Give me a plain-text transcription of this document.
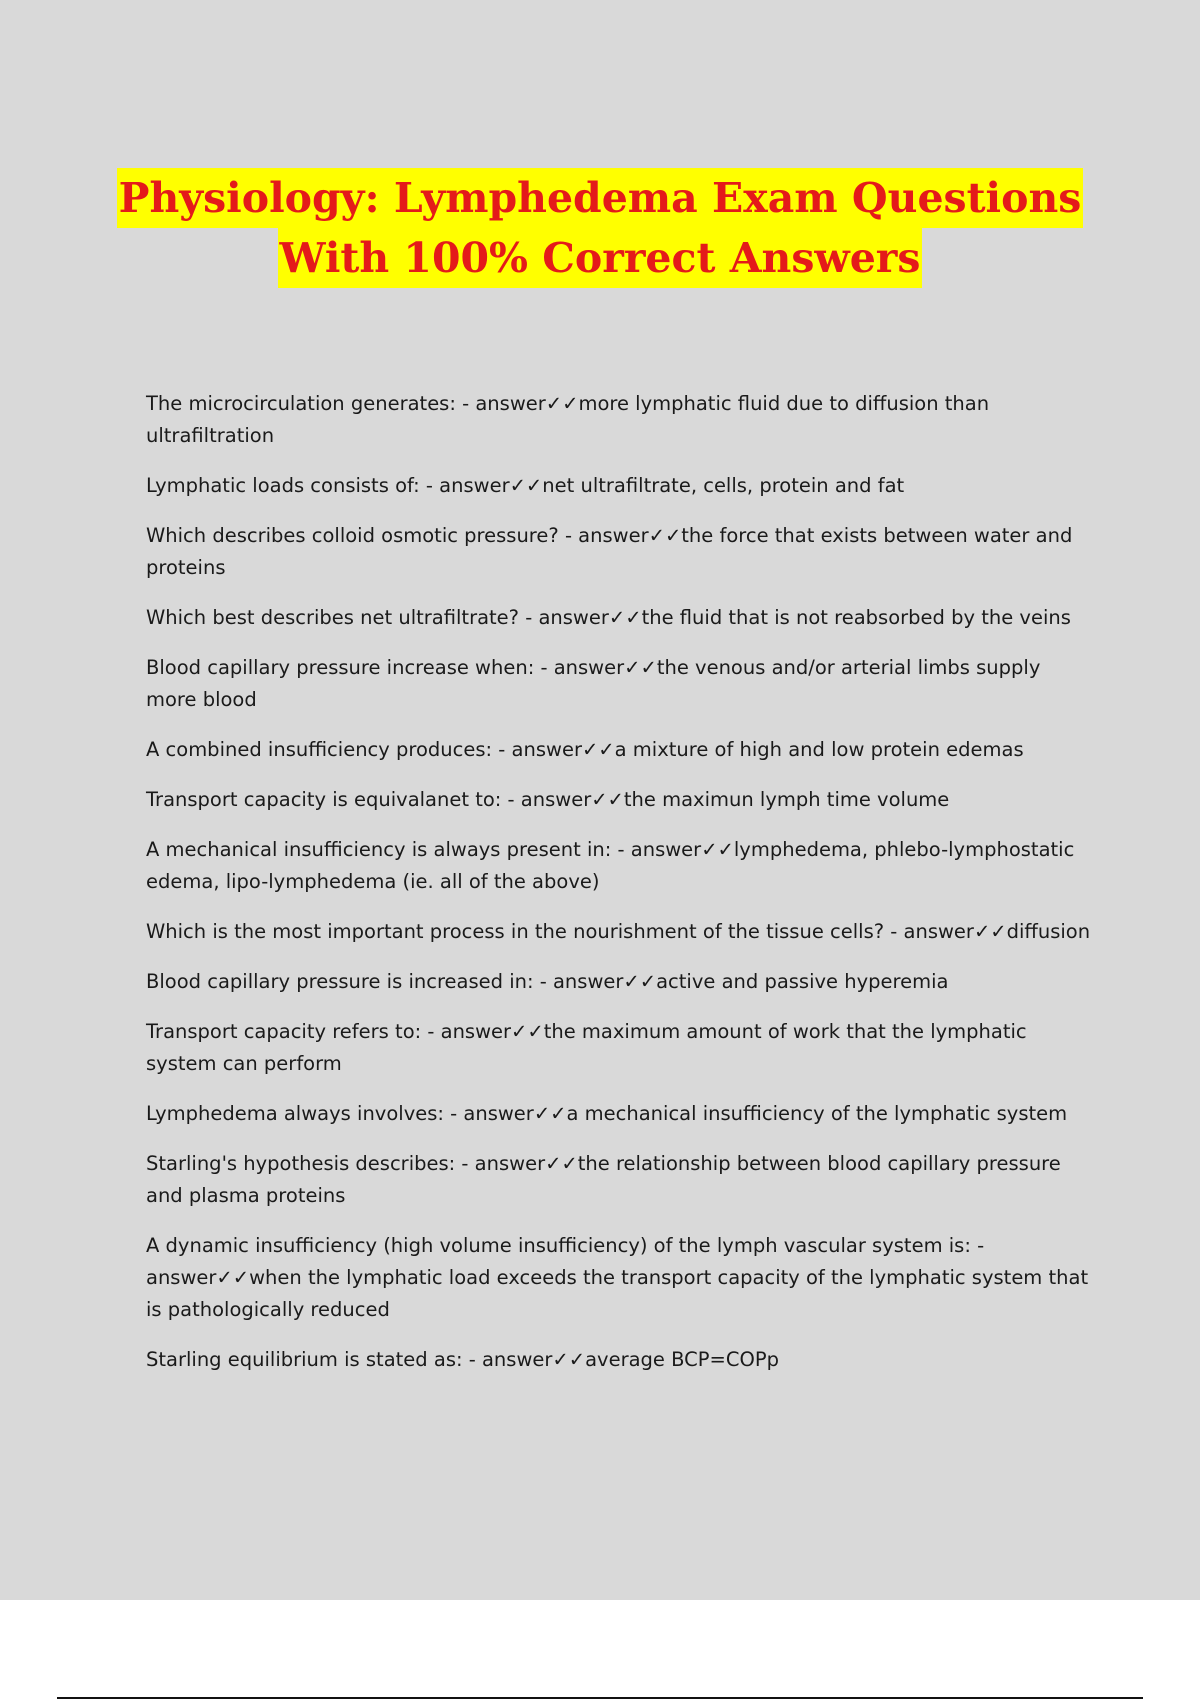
Physiology: Lymphedema Exam Questions
With 100% Correct Answers

The microcirculation generates: - answer✓✓more lymphatic fluid due to diffusion than ultrafiltration

Lymphatic loads consists of: - answer✓✓net ultrafiltrate, cells, protein and fat

Which describes colloid osmotic pressure? - answer✓✓the force that exists between water and proteins

Which best describes net ultrafiltrate? - answer✓✓the fluid that is not reabsorbed by the veins

Blood capillary pressure increase when: - answer✓✓the venous and/or arterial limbs supply more blood

A combined insufficiency produces: - answer✓✓a mixture of high and low protein edemas

Transport capacity is equivalanet to: - answer✓✓the maximun lymph time volume

A mechanical insufficiency is always present in: - answer✓✓lymphedema, phlebo-lymphostatic edema, lipo-lymphedema (ie. all of the above)

Which is the most important process in the nourishment of the tissue cells? - answer✓✓diffusion

Blood capillary pressure is increased in: - answer✓✓active and passive hyperemia

Transport capacity refers to: - answer✓✓the maximum amount of work that the lymphatic system can perform

Lymphedema always involves: - answer✓✓a mechanical insufficiency of the lymphatic system

Starling's hypothesis describes: - answer✓✓the relationship between blood capillary pressure and plasma proteins

A dynamic insufficiency (high volume insufficiency) of the lymph vascular system is: - answer✓✓when the lymphatic load exceeds the transport capacity of the lymphatic system that is pathologically reduced

Starling equilibrium is stated as: - answer✓✓average BCP=COPp
